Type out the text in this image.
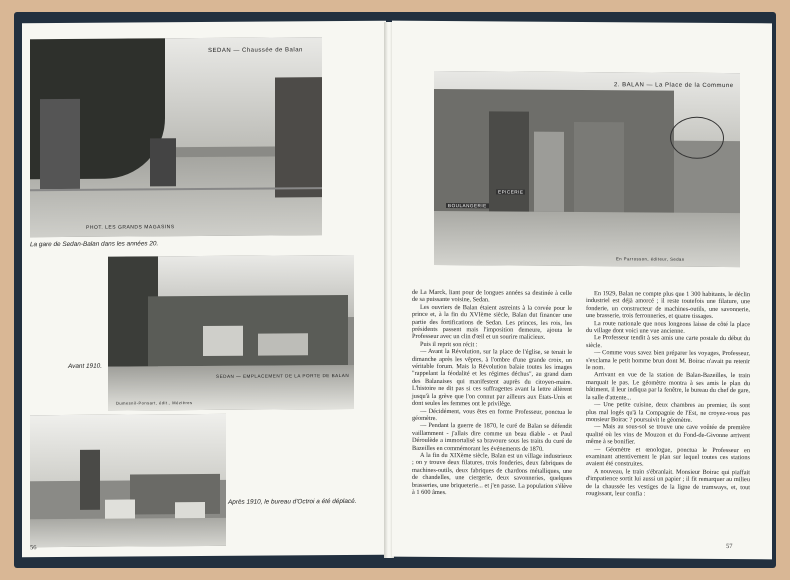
SEDAN — Chaussée de Balan
PHOT. LES GRANDS MAGASINS
La gare de Sedan-Balan dans les années 20.
SEDAN — EMPLACEMENT DE LA PORTE DE BALAN
Dumesnil-Ponsart, édit., Mézières
Avant 1910.
Après 1910, le bureau d'Octroi a été déplacé.
56
2. BALAN — La Place de la Commune
EPICERIE
BOULANGERIE
En Parrosson, éditeur, Sedan

de La Marck, liant pour de longues années sa destinée à celle de sa puissante voisine, Sedan.

Les ouvriers de Balan étaient astreints à la corvée pour le prince et, à la fin du XVIème siècle, Balan dut financer une partie des fortifications de Sedan. Les princes, les rois, les présidents passent mais l'imposition demeure, ajouta le Professeur avec un clin d'œil et un sourire malicieux.

Puis il reprit son récit :

— Avant la Révolution, sur la place de l'église, se tenait le dimanche après les vêpres, à l'ombre d'une grande croix, un véritable forum. Mais la Révolution balaie toutes les images "rappelant la féodalité et les régimes déchus", au grand dam des Balanaises qui manifestent auprès du citoyen-maire. L'histoire ne dit pas si ces suffragettes avant la lettre allèrent jusqu'à la grève que l'on connut par ailleurs aux Etats-Unis et dont seules les femmes ont le privilège.

— Décidément, vous êtes en forme Professeur, ponctua le géomètre.

— Pendant la guerre de 1870, le curé de Balan se défendit vaillamment - j'allais dire comme un beau diable - et Paul Déroulède a immortalisé sa bravoure sous les traits du curé de Bazeilles en commémorant les événements de 1870.

A la fin du XIXème siècle, Balan est un village industrieux ; on y trouve deux filatures, trois fonderies, deux fabriques de machines-outils, deux fabriques de chardons métalliques, une de chandelles, une ciergerie, deux savonneries, quelques brasseries, une briqueterie... et j'en passe. La population s'élève à 1 600 âmes.

En 1929, Balan ne compte plus que 1 300 habitants, le déclin industriel est déjà amorcé ; il reste toutefois une filature, une fonderie, un constructeur de machines-outils, une savonnerie, une brasserie, trois ferronneries, et quatre tissages.

La route nationale que nous longeons laisse de côté la place du village dont voici une vue ancienne.

Le Professeur tendit à ses amis une carte postale du début du siècle.

— Comme vous savez bien préparer les voyages, Professeur, s'exclama le petit homme brun dont M. Boirac n'avait pu retenir le nom.

Arrivant en vue de la station de Balan-Bazeilles, le train marquait le pas. Le géomètre montra à ses amis le plan du bâtiment, il leur indiqua par la fenêtre, le bureau du chef de gare, la salle d'attente...

— Une petite cuisine, deux chambres au premier, ils sont plus mal logés qu'à la Compagnie de l'Est, ne croyez-vous pas monsieur Boirac ? poursuivit le géomètre.

— Mais au sous-sol se trouve une cave voûtée de première qualité où les vins de Mouzon et du Fond-de-Givonne arrivent même à se bonifier.

— Géomètre et œnologue, ponctua le Professeur en examinant attentivement le plan sur lequel toutes ces stations avaient été construites.

A nouveau, le train s'ébranlait. Monsieur Boirac qui piaffait d'impatience sortit lui aussi un papier ; il fit remarquer au milieu de la chaussée les vestiges de la ligne de tramways, et, tout rougissant, leur confia :

57
